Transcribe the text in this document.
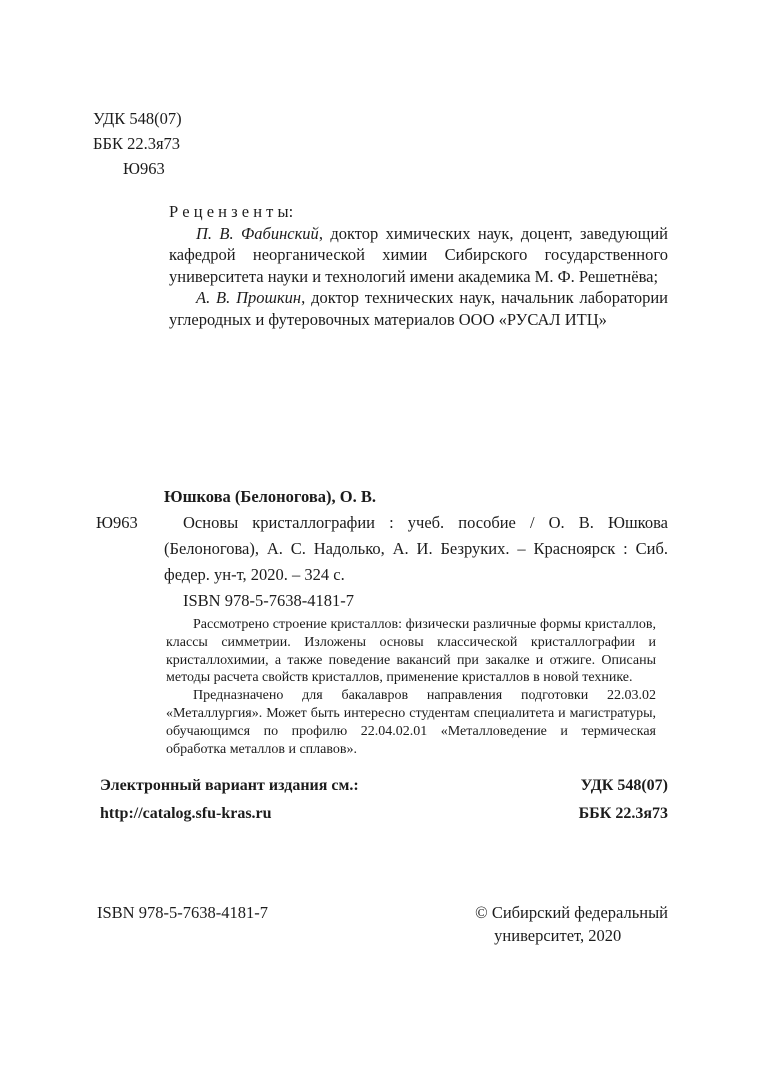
УДК 548(07)
ББК 22.3я73
Ю963
Р е ц е н з е н т ы:

П. В. Фабинский, доктор химических наук, доцент, заведующий кафедрой неорганической химии Сибирского государственного университета науки и технологий имени академика М. Ф. Решетнёва;

А. В. Прошкин, доктор технических наук, начальник лаборатории углеродных и футеровочных материалов ООО «РУСАЛ ИТЦ»

Юшкова (Белоногова), О. В.

Ю963	Основы кристаллографии : учеб. пособие / О. В. Юшкова (Белоногова), А. С. Надолько, А. И. Безруких. – Красноярск : Сиб. федер. ун-т, 2020. – 324 с.

ISBN 978-5-7638-4181-7

Рассмотрено строение кристаллов: физически различные формы кристаллов, классы симметрии. Изложены основы классической кристаллографии и кристаллохимии, а также поведение вакансий при закалке и отжиге. Описаны методы расчета свойств кристаллов, применение кристаллов в новой технике.

Предназначено для бакалавров направления подготовки 22.03.02 «Металлургия». Может быть интересно студентам специалитета и магистратуры, обучающимся по профилю 22.04.02.01 «Металловедение и термическая обработка металлов и сплавов».

Электронный вариант издания см.:
http://catalog.sfu-kras.ru
УДК 548(07)
ББК 22.3я73
ISBN 978-5-7638-4181-7	© Сибирский федеральный
университет, 2020
